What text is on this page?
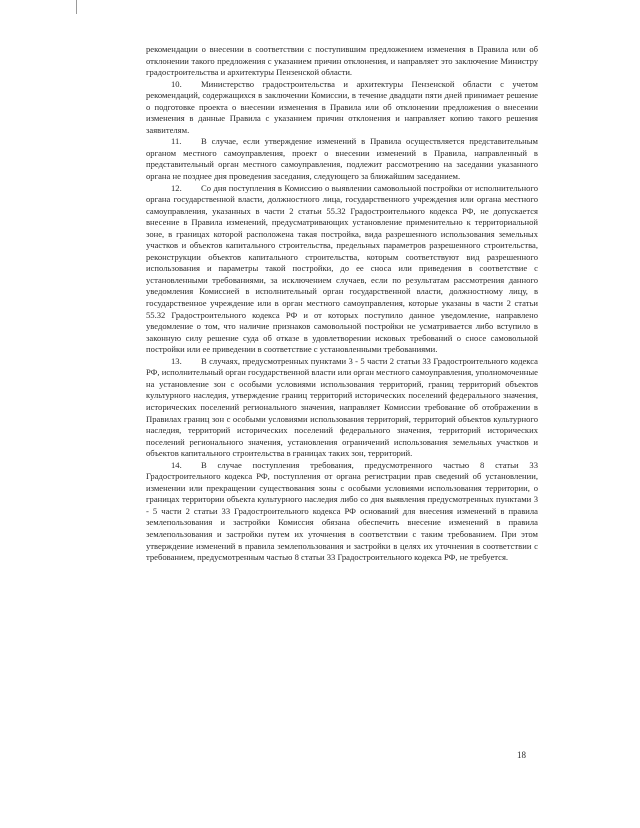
рекомендации о внесении в соответствии с поступившим предложением изменения в Правила или об отклонении такого предложения с указанием причин отклонения, и направляет это заключение Министру градостроительства и архитектуры Пензенской области.

10. Министерство градостроительства и архитектуры Пензенской области с учетом рекомендаций, содержащихся в заключении Комиссии, в течение двадцати пяти дней принимает решение о подготовке проекта о внесении изменения в Правила или об отклонении предложения о внесении изменения в данные Правила с указанием причин отклонения и направляет копию такого решения заявителям.

11. В случае, если утверждение изменений в Правила осуществляется представительным органом местного самоуправления, проект о внесении изменений в Правила, направленный в представительный орган местного самоуправления, подлежит рассмотрению на заседании указанного органа не позднее дня проведения заседания, следующего за ближайшим заседанием.

12. Со дня поступления в Комиссию о выявлении самовольной постройки от исполнительного органа государственной власти, должностного лица, государственного учреждения или органа местного самоуправления, указанных в части 2 статьи 55.32 Градостроительного кодекса РФ, не допускается внесение в Правила изменений, предусматривающих установление применительно к территориальной зоне, в границах которой расположена такая постройка, вида разрешенного использования земельных участков и объектов капитального строительства, предельных параметров разрешенного строительства, реконструкции объектов капитального строительства, которым соответствуют вид разрешенного использования и параметры такой постройки, до ее сноса или приведения в соответствие с установленными требованиями, за исключением случаев, если по результатам рассмотрения данного уведомления Комиссией в исполнительный орган государственной власти, должностному лицу, в государственное учреждение или в орган местного самоуправления, которые указаны в части 2 статьи 55.32 Градостроительного кодекса РФ и от которых поступило данное уведомление, направлено уведомление о том, что наличие признаков самовольной постройки не усматривается либо вступило в законную силу решение суда об отказе в удовлетворении исковых требований о сносе самовольной постройки или ее приведении в соответствие с установленными требованиями.

13. В случаях, предусмотренных пунктами 3 - 5 части 2 статьи 33 Градостроительного кодекса РФ, исполнительный орган государственной власти или орган местного самоуправления, уполномоченные на установление зон с особыми условиями использования территорий, границ территорий объектов культурного наследия, утверждение границ территорий исторических поселений федерального значения, исторических поселений регионального значения, направляет Комиссии требование об отображении в Правилах границ зон с особыми условиями использования территорий, территорий объектов культурного наследия, территорий исторических поселений федерального значения, территорий исторических поселений регионального значения, установления ограничений использования земельных участков и объектов капитального строительства в границах таких зон, территорий.

14. В случае поступления требования, предусмотренного частью 8 статьи 33 Градостроительного кодекса РФ, поступления от органа регистрации прав сведений об установлении, изменении или прекращении существования зоны с особыми условиями использования территории, о границах территории объекта культурного наследия либо со дня выявления предусмотренных пунктами 3 - 5 части 2 статьи 33 Градостроительного кодекса РФ оснований для внесения изменений в правила землепользования и застройки Комиссия обязана обеспечить внесение изменений в правила землепользования и застройки путем их уточнения в соответствии с таким требованием. При этом утверждение изменений в правила землепользования и застройки в целях их уточнения в соответствии с требованием, предусмотренным частью 8 статьи 33 Градостроительного кодекса РФ, не требуется.

18
